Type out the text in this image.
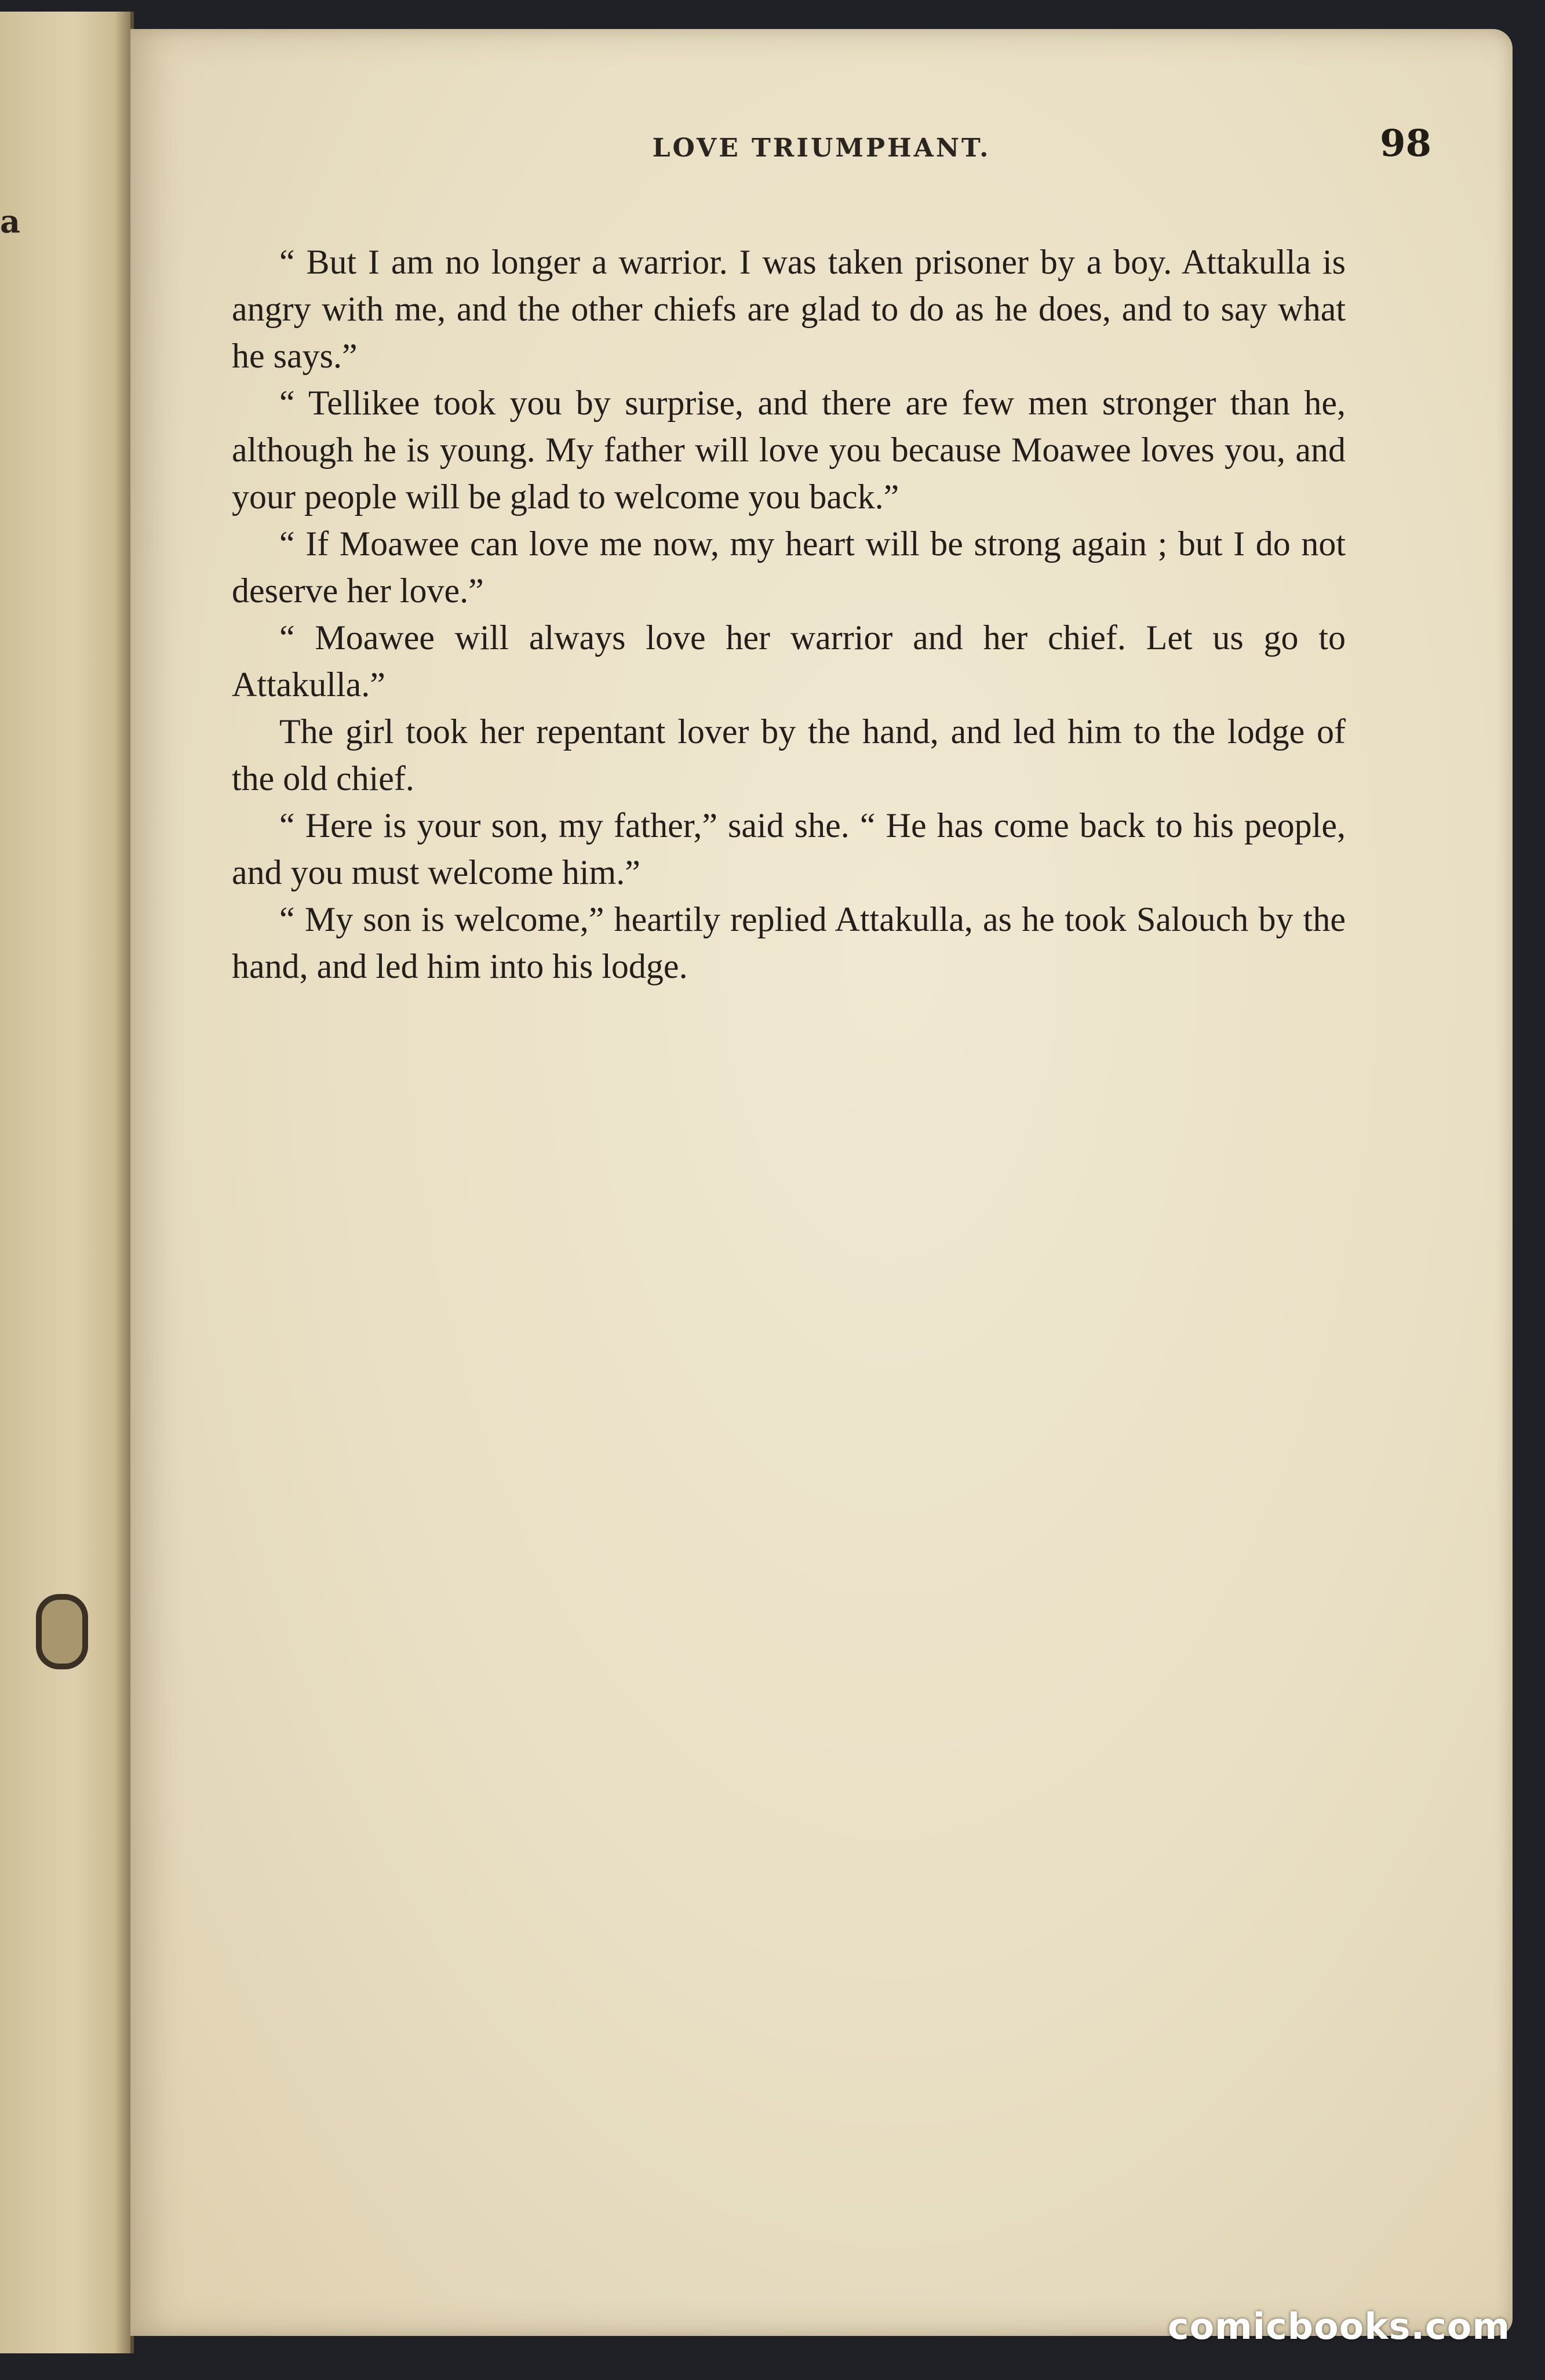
a
LOVE TRIUMPHANT.	98

“ But I am no longer a warrior. I was taken prisoner by a boy. Attakulla is angry with me, and the other chiefs are glad to do as he does, and to say what he says.”

“ Tellikee took you by surprise, and there are few men stronger than he, although he is young. My father will love you because Moawee loves you, and your people will be glad to welcome you back.”

“ If Moawee can love me now, my heart will be strong again ; but I do not deserve her love.”

“ Moawee will always love her warrior and her chief. Let us go to Attakulla.”

The girl took her repentant lover by the hand, and led him to the lodge of the old chief.

“ Here is your son, my father,” said she. “ He has come back to his people, and you must welcome him.”

“ My son is welcome,” heartily replied Attakulla, as he took Salouch by the hand, and led him into his lodge.

comicbooks.com
